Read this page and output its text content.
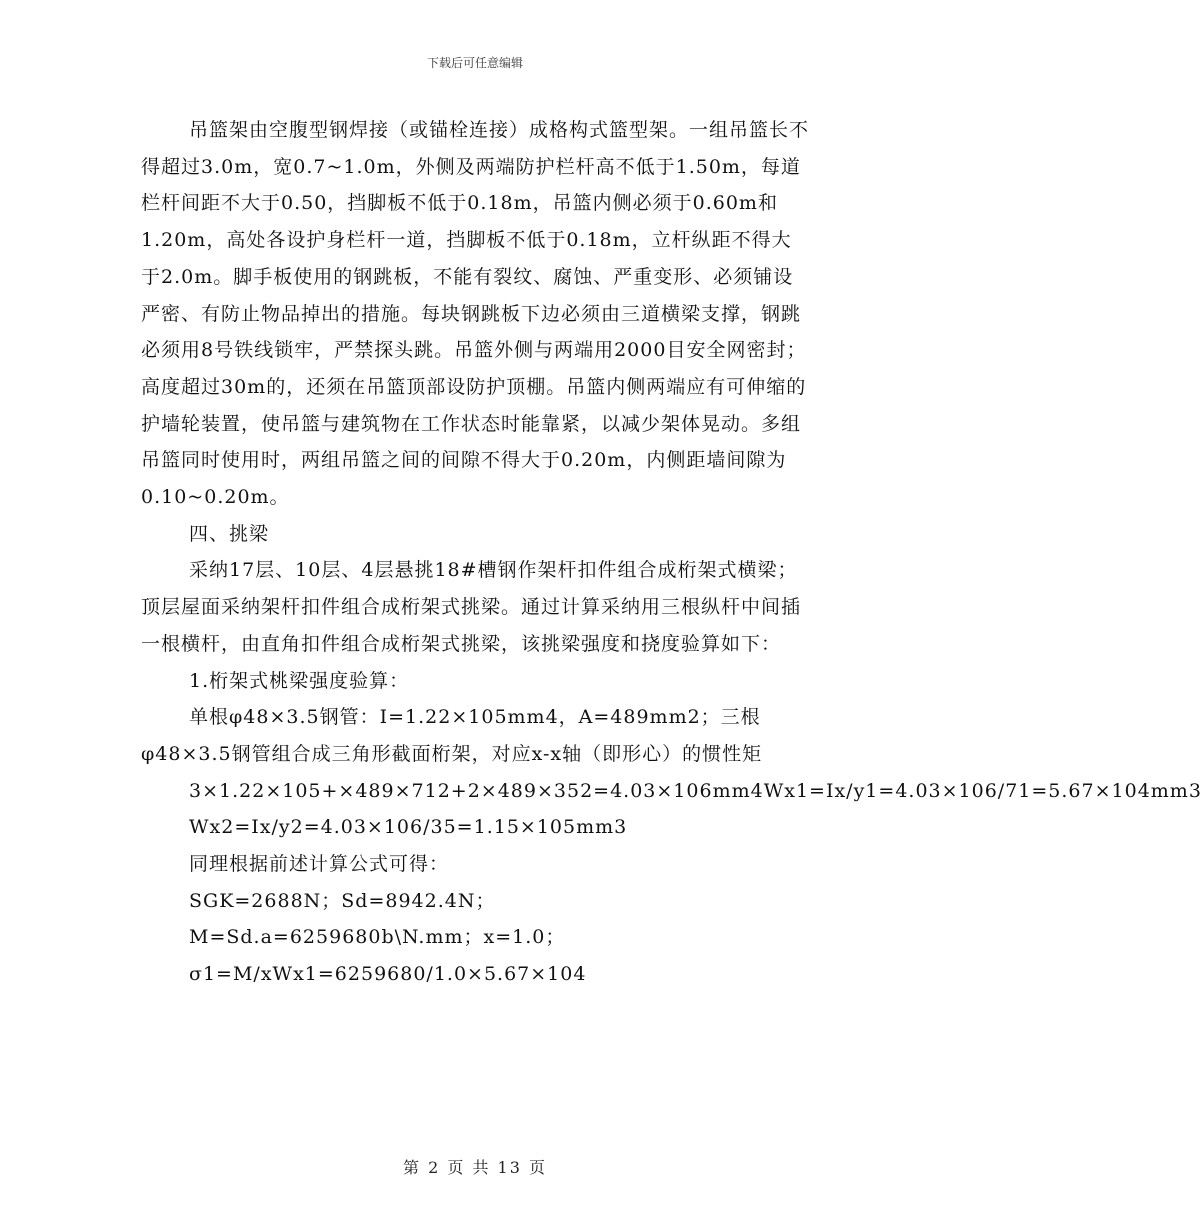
下载后可任意编辑

吊篮架由空腹型钢焊接（或锚栓连接）成格构式篮型架。一组吊篮长不得超过3.0m，宽0.7~1.0m，外侧及两端防护栏杆高不低于1.50m，每道栏杆间距不大于0.50，挡脚板不低于0.18m，吊篮内侧必须于0.60m和1.20m，高处各设护身栏杆一道，挡脚板不低于0.18m，立杆纵距不得大于2.0m。脚手板使用的钢跳板，不能有裂纹、腐蚀、严重变形、必须铺设严密、有防止物品掉出的措施。每块钢跳板下边必须由三道横梁支撑，钢跳必须用8号铁线锁牢，严禁探头跳。吊篮外侧与两端用2000目安全网密封；高度超过30m的，还须在吊篮顶部设防护顶棚。吊篮内侧两端应有可伸缩的护墙轮装置，使吊篮与建筑物在工作状态时能靠紧，以减少架体晃动。多组吊篮同时使用时，两组吊篮之间的间隙不得大于0.20m，内侧距墙间隙为0.10~0.20m。

四、挑梁

采纳17层、10层、4层悬挑18#槽钢作架杆扣件组合成桁架式横梁；顶层屋面采纳架杆扣件组合成桁架式挑梁。通过计算采纳用三根纵杆中间插一根横杆，由直角扣件组合成桁架式挑梁，该挑梁强度和挠度验算如下：

1.桁架式桃梁强度验算：

单根φ48×3.5钢管：I=1.22×105mm4，A=489mm2；三根φ48×3.5钢管组合成三角形截面桁架，对应x-x轴（即形心）的惯性矩

3×1.22×105+×489×712+2×489×352=4.03×106mm4Wx1=Ix/y1=4.03×106/71=5.67×104mm3

Wx2=Ix/y2=4.03×106/35=1.15×105mm3

同理根据前述计算公式可得：

SGK=2688N；Sd=8942.4N；

M=Sd.a=6259680b\N.mm；x=1.0；

σ1=M/xWx1=6259680/1.0×5.67×104

第 2 页 共 13 页
